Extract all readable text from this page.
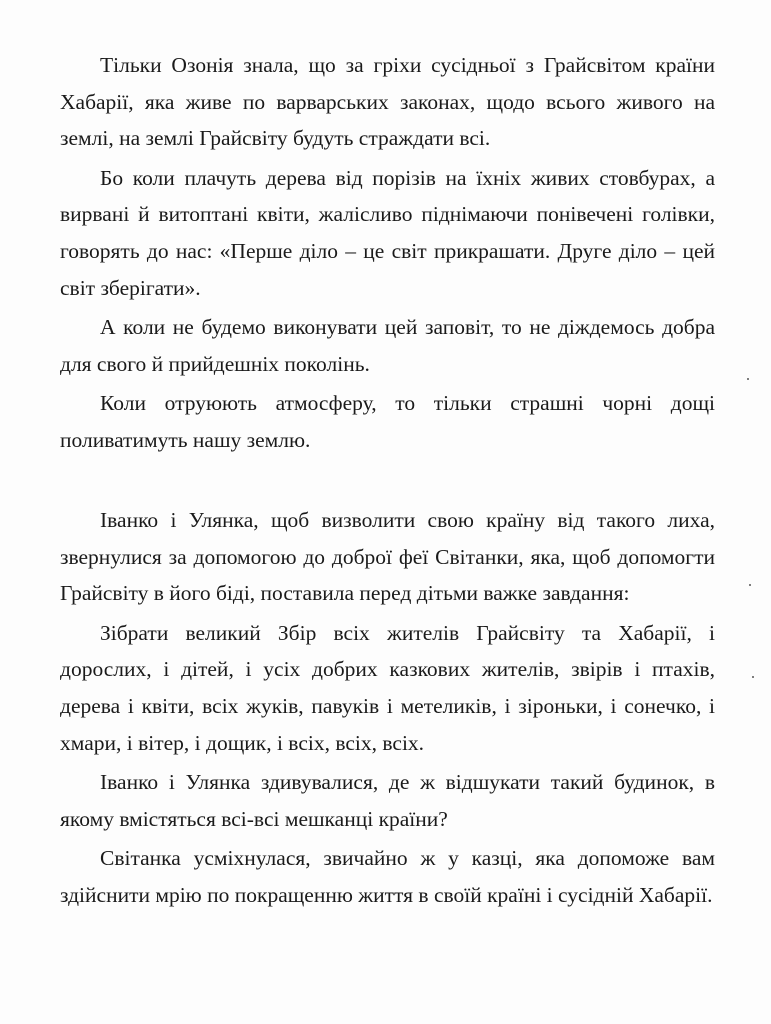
Тільки Озонія знала, що за гріхи сусідньої з Грайсвітом країни Хабарії, яка живе по варварських законах, щодо всього живого на землі, на землі Грайсвіту будуть страждати всі.

Бо коли плачуть дерева від порізів на їхніх живих стовбурах, а вирвані й витоптані квіти, жалісливо піднімаючи понівечені голівки, говорять до нас: «Перше діло – це світ прикрашати. Друге діло – цей світ зберігати».

А коли не будемо виконувати цей заповіт, то не діждемось добра для свого й прийдешніх поколінь.

Коли отруюють атмосферу, то тільки страшні чорні дощі поливатимуть нашу землю.

Іванко і Улянка, щоб визволити свою країну від такого лиха, звернулися за допомогою до доброї феї Світанки, яка, щоб допомогти Грайсвіту в його біді, поставила перед дітьми важке завдання:

Зібрати великий Збір всіх жителів Грайсвіту та Хабарії, і дорослих, і дітей, і усіх добрих казкових жителів, звірів і птахів, дерева і квіти, всіх жуків, павуків і метеликів, і зіроньки, і сонечко, і хмари, і вітер, і дощик, і всіх, всіх, всіх.

Іванко і Улянка здивувалися, де ж відшукати такий будинок, в якому вмістяться всі-всі мешканці країни?

Світанка усміхнулася, звичайно ж у казці, яка допоможе вам здійснити мрію по покращенню життя в своїй країні і сусідній Хабарії.
